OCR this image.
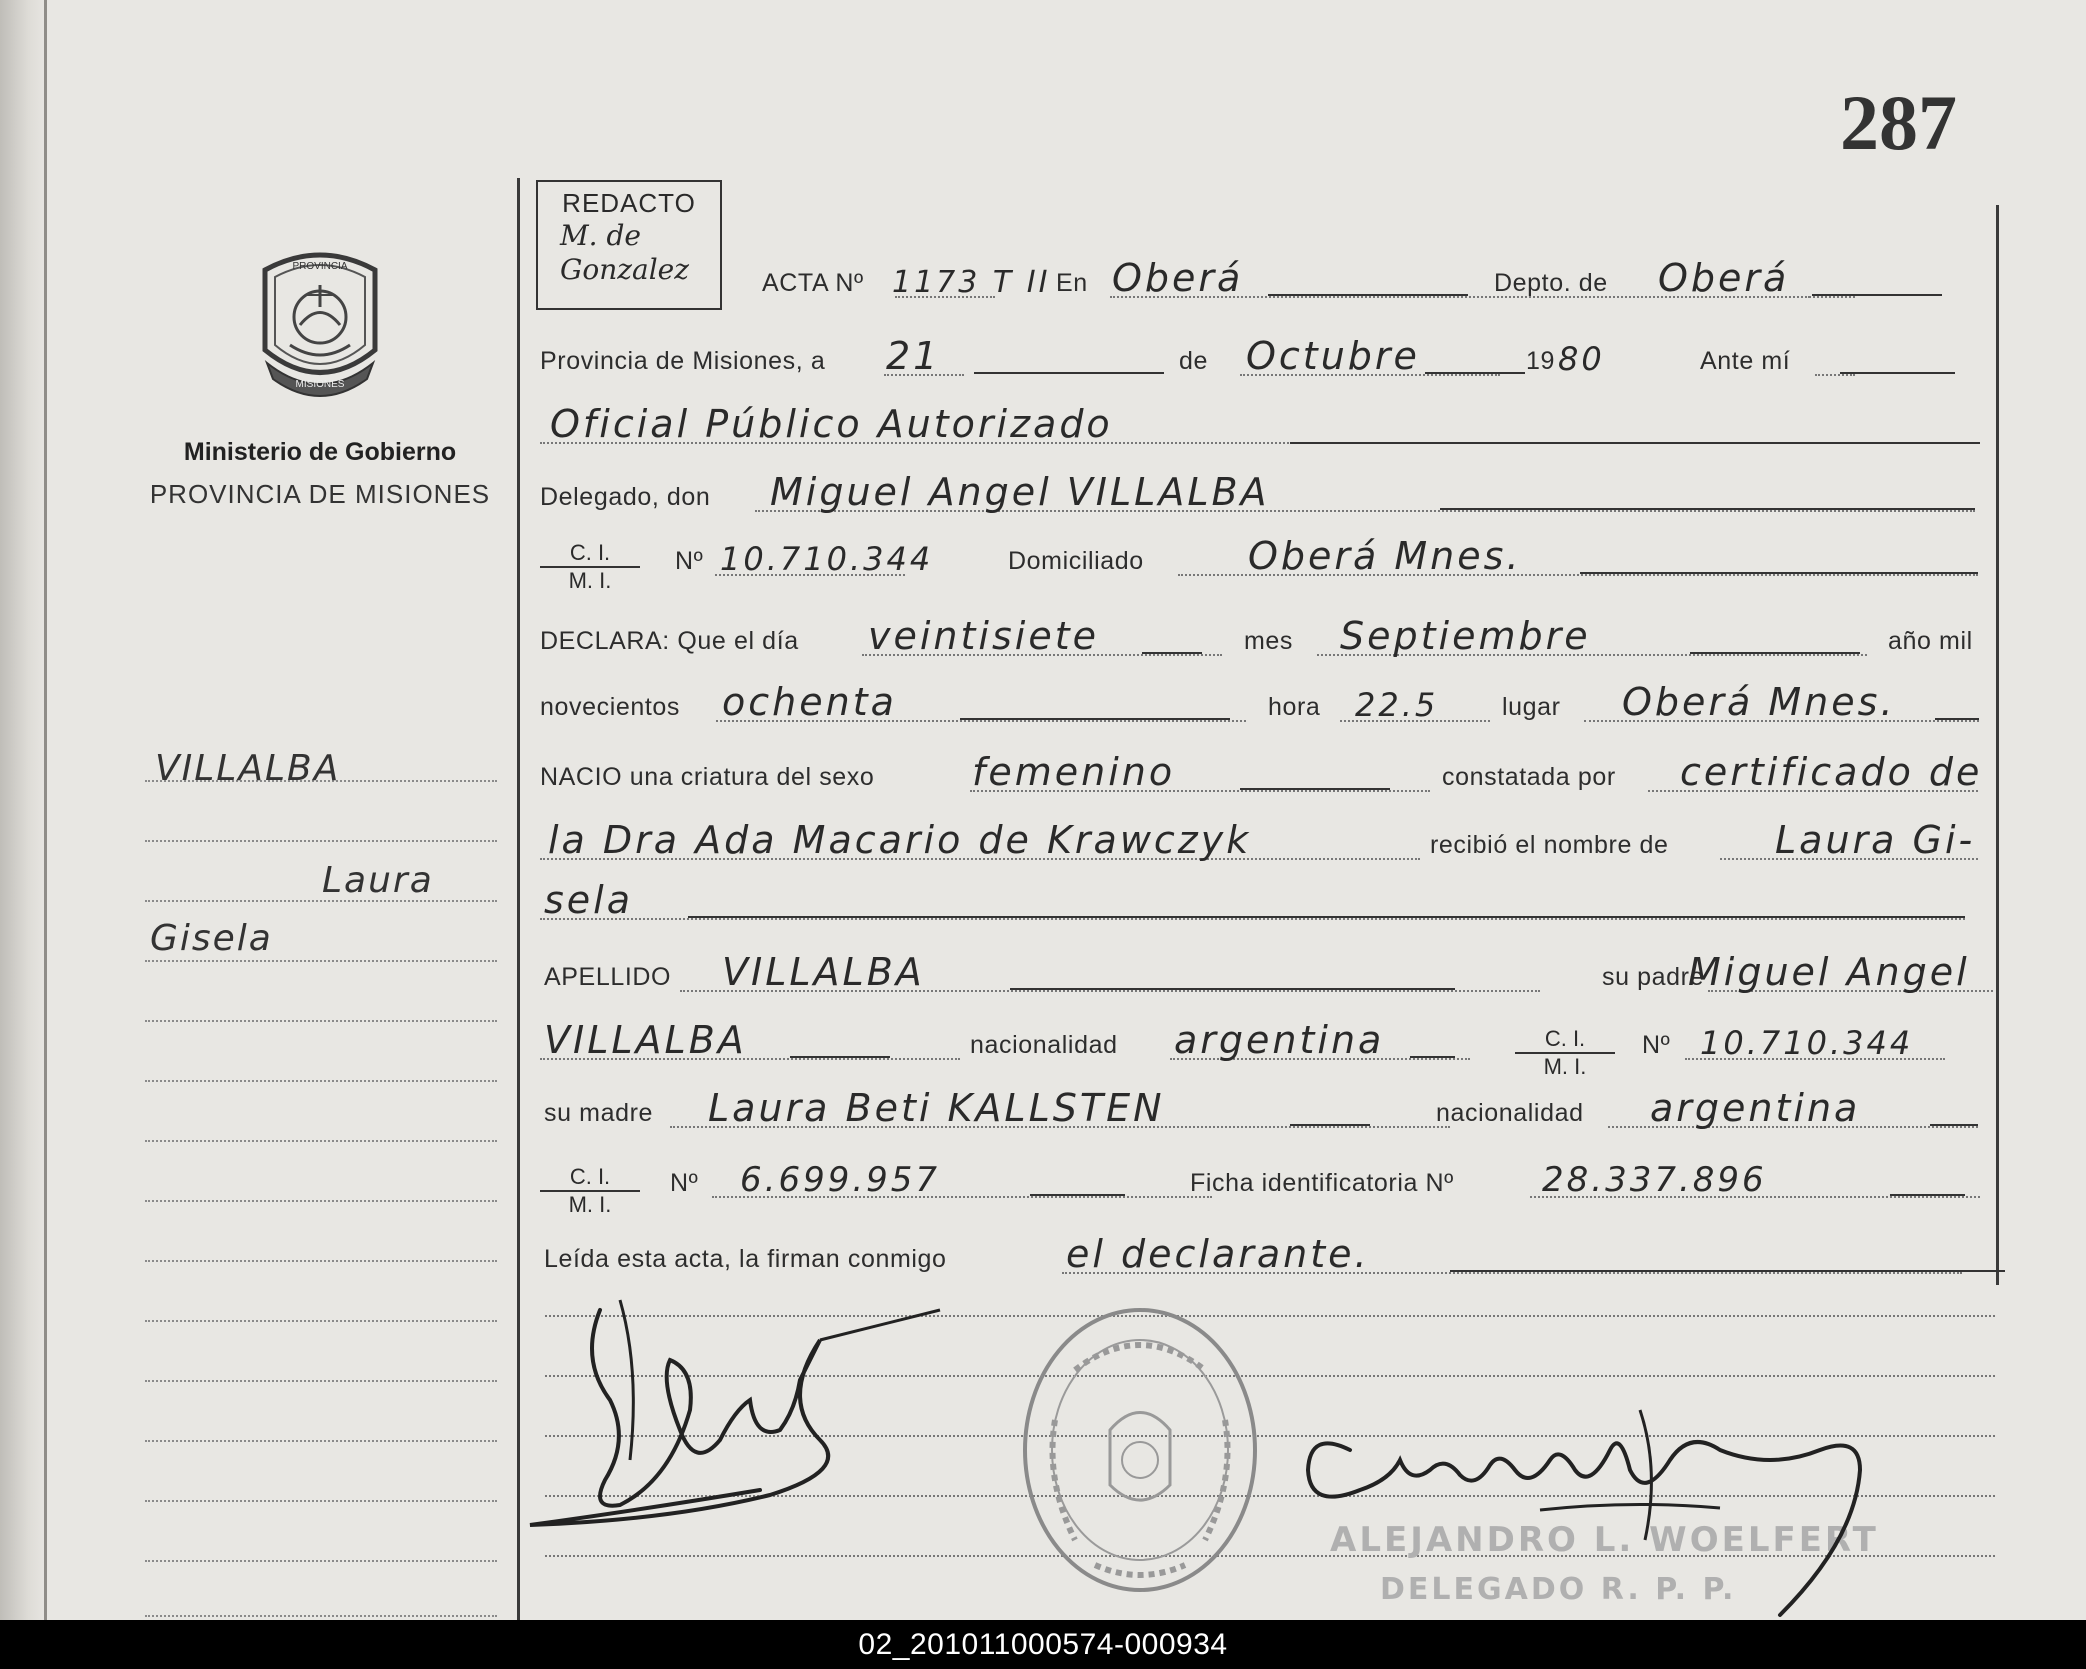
287
PROVINCIA
MISIONES
Ministerio de Gobierno
PROVINCIA DE MISIONES
VILLALBA
Laura
Gisela
REDACTO
M. de
Gonzalez	ACTA Nº 1173 T II En Oberá	Depto. de Oberá
Provincia de Misiones, a 21	de Octubre	19 80	Ante mí
Oficial Público Autorizado
Delegado, don Miguel Angel VILLALBA
$\frac{C. I.}{M. I.}$ Nº 10.710.344	Domiciliado	Oberá Mnes.
DECLARA: Que el día veintisiete	mes Septiembre	año mil
novecientos ochenta	hora 22.5	lugar Oberá Mnes.
NACIO una criatura del sexo	femenino	constatada por certificado de
la Dra Ada Macario de Krawczyk	recibió el nombre de	Laura Gi-
sela
APELLIDO VILLALBA	su padre
Miguel Angel
VILLALBA	nacionalidad argentina	$\frac{C. I.}{M. I.}$ Nº 10.710.344
su madre Laura Beti KALLSTEN	nacionalidad argentina
$\frac{C. I.}{M. I.}$ Nº 6.699.957	Ficha identificatoria Nº	28.337.896
Leída esta acta, la firman conmigo	el declarante.
ALEJANDRO L. WOELFERT
DELEGADO R. P. P.
02_201011000574-000934
